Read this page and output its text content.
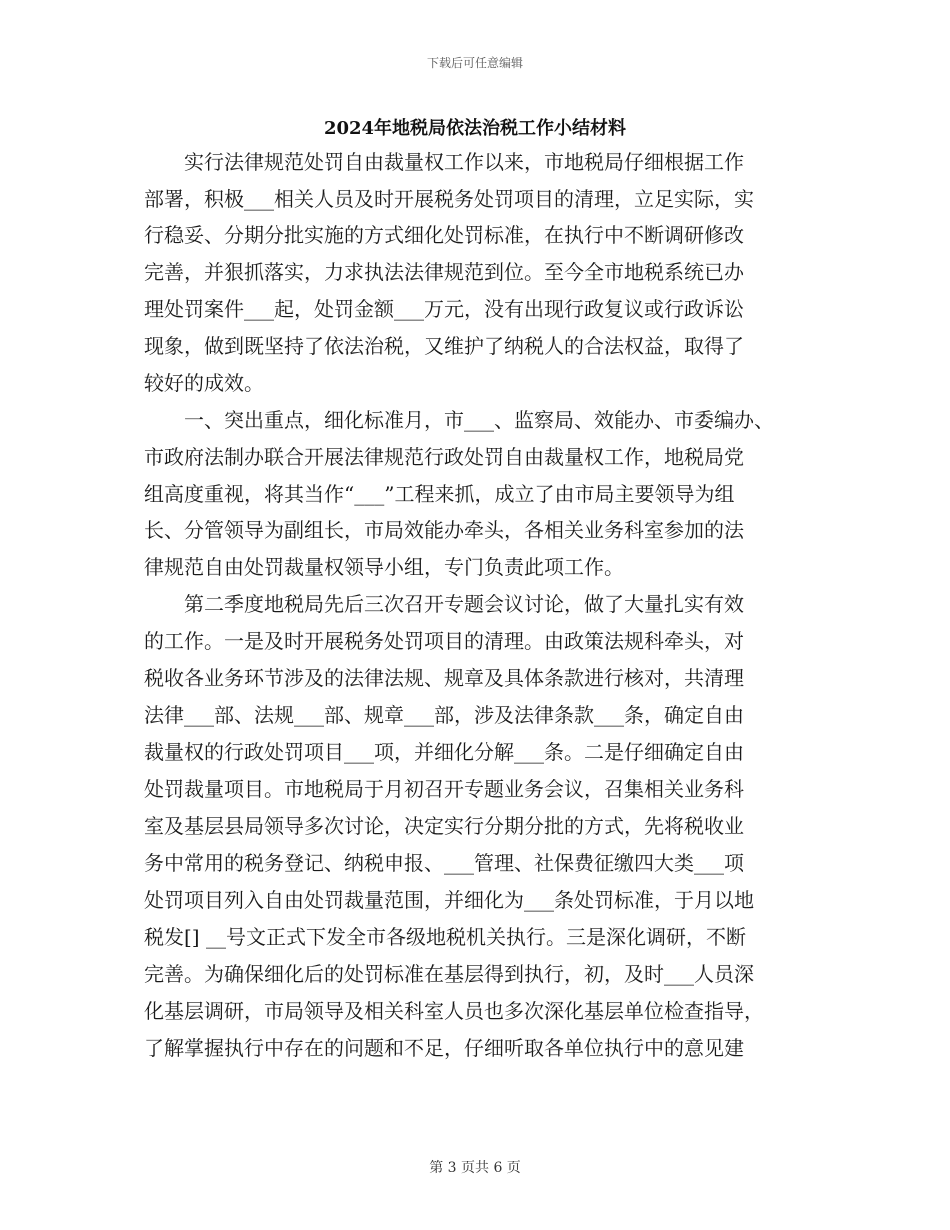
下载后可任意编辑
2024年地税局依法治税工作小结材料
实行法律规范处罚自由裁量权工作以来，市地税局仔细根据工作
部署，积极___相关人员及时开展税务处罚项目的清理，立足实际，实
行稳妥、分期分批实施的方式细化处罚标准，在执行中不断调研修改
完善，并狠抓落实，力求执法法律规范到位。至今全市地税系统已办
理处罚案件___起，处罚金额___万元，没有出现行政复议或行政诉讼
现象，做到既坚持了依法治税，又维护了纳税人的合法权益，取得了
较好的成效。
一、突出重点，细化标准月，市___、监察局、效能办、市委编办、
市政府法制办联合开展法律规范行政处罚自由裁量权工作，地税局党
组高度重视，将其当作“___”工程来抓，成立了由市局主要领导为组
长、分管领导为副组长，市局效能办牵头，各相关业务科室参加的法
律规范自由处罚裁量权领导小组，专门负责此项工作。
第二季度地税局先后三次召开专题会议讨论，做了大量扎实有效
的工作。一是及时开展税务处罚项目的清理。由政策法规科牵头，对
税收各业务环节涉及的法律法规、规章及具体条款进行核对，共清理
法律___部、法规___部、规章___部，涉及法律条款___条，确定自由
裁量权的行政处罚项目___项，并细化分解___条。二是仔细确定自由
处罚裁量项目。市地税局于月初召开专题业务会议，召集相关业务科
室及基层县局领导多次讨论，决定实行分期分批的方式，先将税收业
务中常用的税务登记、纳税申报、___管理、社保费征缴四大类___项
处罚项目列入自由处罚裁量范围，并细化为___条处罚标准，于月以地
税发[] __号文正式下发全市各级地税机关执行。三是深化调研，不断
完善。为确保细化后的处罚标准在基层得到执行，初，及时___人员深
化基层调研，市局领导及相关科室人员也多次深化基层单位检查指导，
了解掌握执行中存在的问题和不足，仔细听取各单位执行中的意见建
第 3 页共 6 页
